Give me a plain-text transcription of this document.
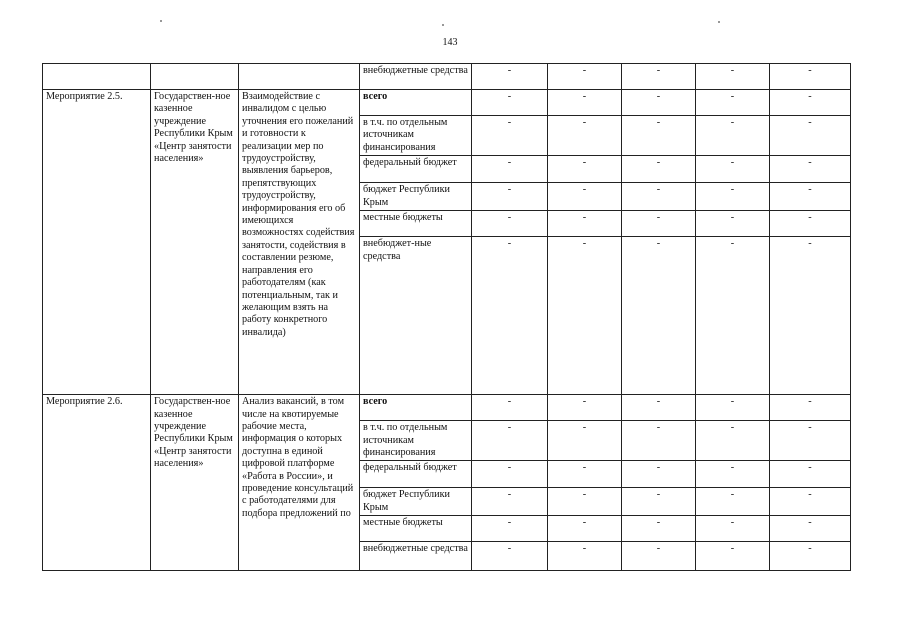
143
			внебюджетные средства	-	-	-	-	-
Мероприятие 2.5.	Государствен-ное казенное учреждение Республики Крым «Центр занятости населения»	Взаимодействие с инвалидом с целью уточнения его пожеланий и готовности к реализации мер по трудоустройству, выявления барьеров, препятствующих трудоустройству, информирования его об имеющихся возможностях содействия занятости, содействия в составлении резюме, направления его работодателям (как потенциальным, так и желающим взять на работу конкретного инвалида)	всего	-	-	-	-	-
			в т.ч. по отдельным источникам финансирования	-	-	-	-	-
			федеральный бюджет	-	-	-	-	-
			бюджет Республики Крым	-	-	-	-	-
			местные бюджеты	-	-	-	-	-
			внебюджет-ные средства	-	-	-	-	-
Мероприятие 2.6.	Государствен-ное казенное учреждение Республики Крым «Центр занятости населения»	Анализ вакансий, в том числе на квотируемые рабочие места, информация о которых доступна в единой цифровой платформе «Работа в России», и проведение консультаций с работодателями для подбора предложений по	всего	-	-	-	-	-
			в т.ч. по отдельным источникам финансирования	-	-	-	-	-
			федеральный бюджет	-	-	-	-	-
			бюджет Республики Крым	-	-	-	-	-
			местные бюджеты	-	-	-	-	-
			внебюджетные средства	-	-	-	-	-
